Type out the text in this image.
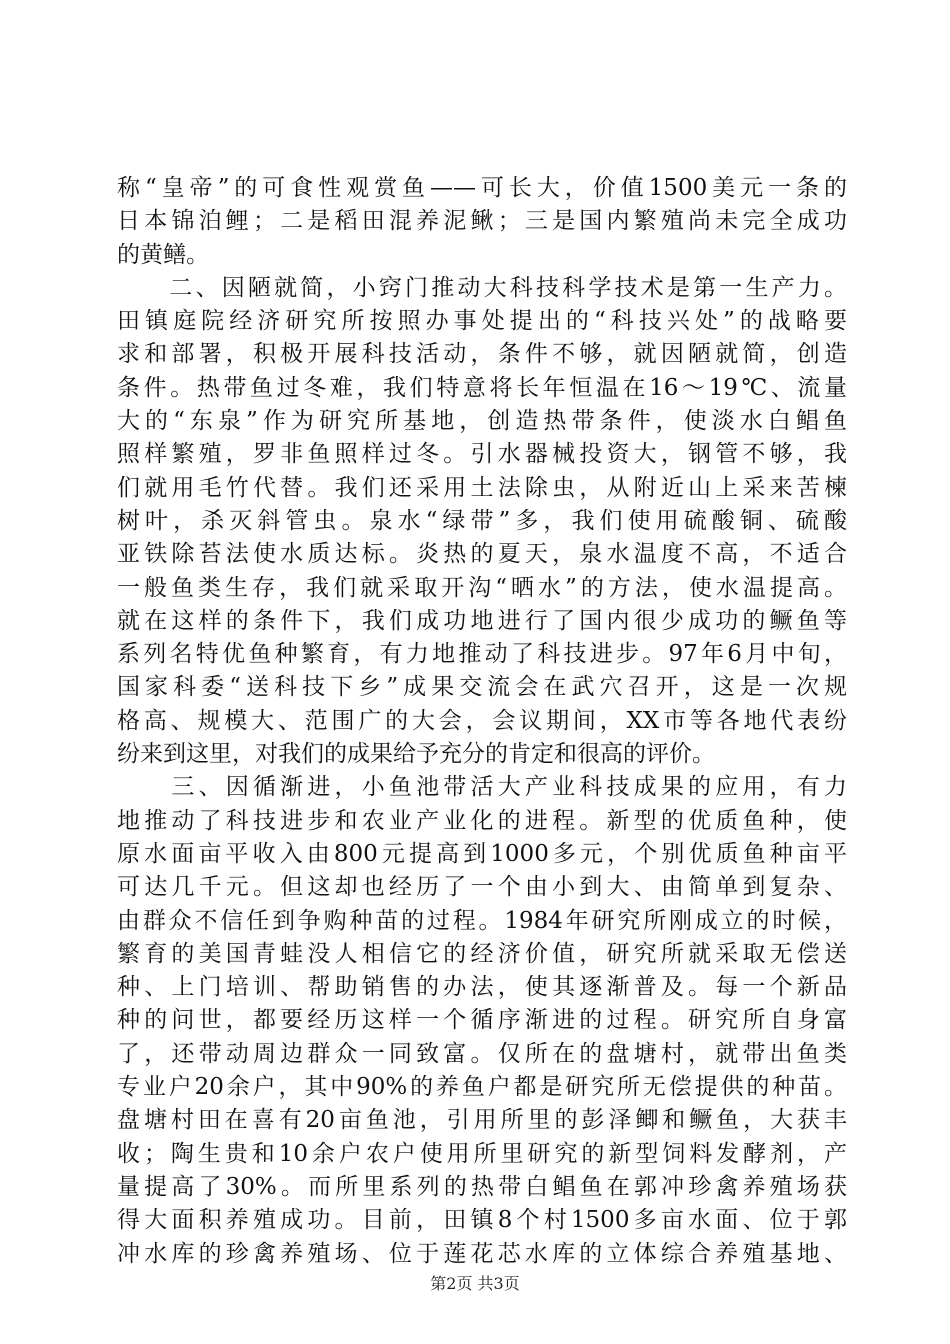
称“皇帝”的可食性观赏鱼——可长大，价值1500美元一条的
日本锦泊鲤；二是稻田混养泥鳅；三是国内繁殖尚未完全成功
的黄鳝。
　　二、因陋就简，小窍门推动大科技科学技术是第一生产力。
田镇庭院经济研究所按照办事处提出的“科技兴处”的战略要
求和部署，积极开展科技活动，条件不够，就因陋就简，创造
条件。热带鱼过冬难，我们特意将长年恒温在16～19℃、流量
大的“东泉”作为研究所基地，创造热带条件，使淡水白鲳鱼
照样繁殖，罗非鱼照样过冬。引水器械投资大，钢管不够，我
们就用毛竹代替。我们还采用土法除虫，从附近山上采来苦楝
树叶，杀灭斜管虫。泉水“绿带”多，我们使用硫酸铜、硫酸
亚铁除苔法使水质达标。炎热的夏天，泉水温度不高，不适合
一般鱼类生存，我们就采取开沟“晒水”的方法，使水温提高。
就在这样的条件下，我们成功地进行了国内很少成功的鳜鱼等
系列名特优鱼种繁育，有力地推动了科技进步。97年6月中旬，
国家科委“送科技下乡”成果交流会在武穴召开，这是一次规
格高、规模大、范围广的大会，会议期间，XX市等各地代表纷
纷来到这里，对我们的成果给予充分的肯定和很高的评价。
　　三、因循渐进，小鱼池带活大产业科技成果的应用，有力
地推动了科技进步和农业产业化的进程。新型的优质鱼种，使
原水面亩平收入由800元提高到1000多元，个别优质鱼种亩平
可达几千元。但这却也经历了一个由小到大、由简单到复杂、
由群众不信任到争购种苗的过程。1984年研究所刚成立的时候，
繁育的美国青蛙没人相信它的经济价值，研究所就采取无偿送
种、上门培训、帮助销售的办法，使其逐渐普及。每一个新品
种的问世，都要经历这样一个循序渐进的过程。研究所自身富
了，还带动周边群众一同致富。仅所在的盘塘村，就带出鱼类
专业户20余户，其中90%的养鱼户都是研究所无偿提供的种苗。
盘塘村田在喜有20亩鱼池，引用所里的彭泽鲫和鳜鱼，大获丰
收；陶生贵和10余户农户使用所里研究的新型饲料发酵剂，产
量提高了30%。而所里系列的热带白鲳鱼在郭冲珍禽养殖场获
得大面积养殖成功。目前，田镇8个村1500多亩水面、位于郭
冲水库的珍禽养殖场、位于莲花芯水库的立体综合养殖基地、
第2页 共3页
